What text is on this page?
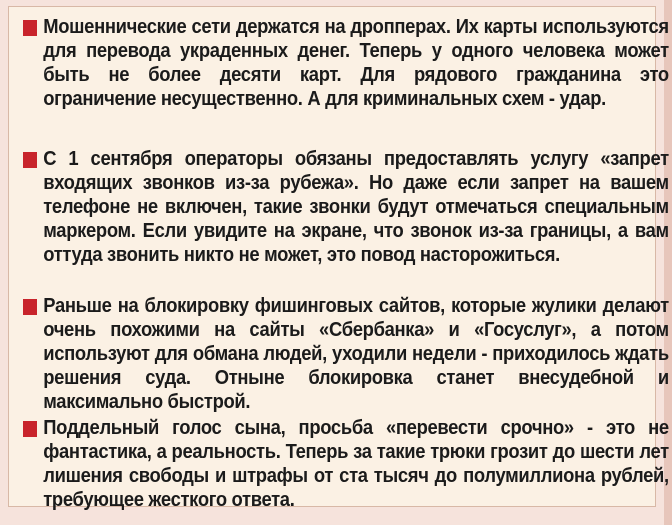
Мошеннические сети держатся на дропперах. Их карты используются для перевода украденных денег. Теперь у одного человека может быть не более десяти карт. Для рядового гражданина это ограничение несущественно. А для криминальных схем - удар.

С 1 сентября операторы обязаны предоставлять услугу «запрет входящих звонков из-за рубежа». Но даже если запрет на вашем телефоне не включен, такие звонки будут отмечаться специальным маркером. Если увидите на экране, что звонок из-за границы, а вам оттуда звонить никто не может, это повод насторожиться.

Раньше на блокировку фишинговых сайтов, которые жулики делают очень похожими на сайты «Сбербанка» и «Госуслуг», а потом используют для обмана людей, уходили недели - приходилось ждать решения суда. Отныне блокировка станет внесудебной и максимально быстрой.

Поддельный голос сына, просьба «перевести срочно» - это не фантастика, а реальность. Теперь за такие трюки грозит до шести лет лишения свободы и штрафы от ста тысяч до полумиллиона рублей, требующее жесткого ответа.
